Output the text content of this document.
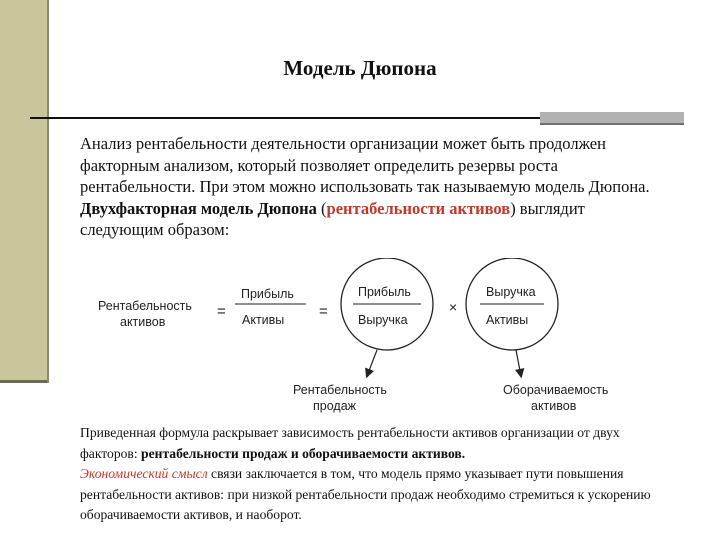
Модель Дюпона
Анализ рентабельности деятельности организации может быть продолжен факторным анализом, который позволяет определить резервы роста рентабельности. При этом можно использовать так называемую модель Дюпона.
Двухфакторная модель Дюпона (рентабельности активов) выглядит следующим образом:
Рентабельность
активов
=
Прибыль
Активы =
Прибыль
Выручка
×
Выручка
Активы
Рентабельность
продаж
Оборачиваемость
активов
Приведенная формула раскрывает зависимость рентабельности активов организации от двух факторов: рентабельности продаж и оборачиваемости активов.
Экономический смысл связи заключается в том, что модель прямо указывает пути повышения рентабельности активов: при низкой рентабельности продаж необходимо стремиться к ускорению оборачиваемости активов, и наоборот.
